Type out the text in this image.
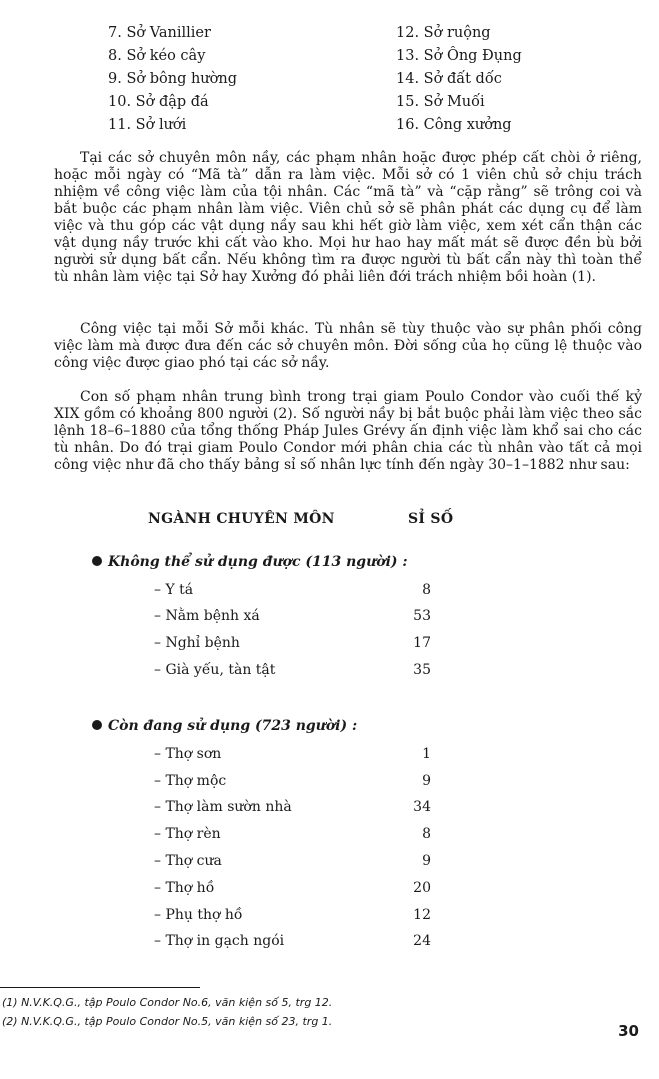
7. Sở Vanillier
8. Sở kéo cây
9. Sở bông hường
10. Sở đập đá
11. Sở lưới
12. Sở ruộng
13. Sở Ông Đụng
14. Sở đất dốc
15. Sở Muối
16. Công xưởng

Tại các sở chuyên môn nầy, các phạm nhân hoặc được phép cất chòi ở riêng, hoặc mỗi ngày có “Mã tà” dẫn ra làm việc. Mỗi sở có 1 viên chủ sở chịu trách nhiệm về công việc làm của tội nhân. Các “mã tà” và “cặp rằng” sẽ trông coi và bắt buộc các phạm nhân làm việc. Viên chủ sở sẽ phân phát các dụng cụ để làm việc và thu góp các vật dụng nầy sau khi hết giờ làm việc, xem xét cẩn thận các vật dụng nầy trước khi cất vào kho. Mọi hư hao hay mất mát sẽ được đền bù bởi người sử dụng bất cẩn. Nếu không tìm ra được người tù bất cẩn này thì toàn thể tù nhân làm việc tại Sở hay Xưởng đó phải liên đới trách nhiệm bồi hoàn (1).

Công việc tại mỗi Sở mỗi khác. Tù nhân sẽ tùy thuộc vào sự phân phối công việc làm mà được đưa đến các sở chuyên môn. Đời sống của họ cũng lệ thuộc vào công việc được giao phó tại các sở nầy.

Con số phạm nhân trung bình trong trại giam Poulo Condor vào cuối thế kỷ XIX gồm có khoảng 800 người (2). Số người nầy bị bắt buộc phải làm việc theo sắc lệnh 18–6–1880 của tổng thống Pháp Jules Grévy ấn định việc làm khổ sai cho các tù nhân. Do đó trại giam Poulo Condor mới phân chia các tù nhân vào tất cả mọi công việc như đã cho thấy bảng sỉ số nhân lực tính đến ngày 30–1–1882 như sau:

NGÀNH CHUYÊN MÔN	SỈ SỐ
Không thể sử dụng được (113 người) :
– Y tá	8
– Nằm bệnh xá	53
– Nghỉ bệnh	17
– Già yếu, tàn tật	35
Còn đang sử dụng (723 người) :
– Thợ sơn	1
– Thợ mộc	9
– Thợ làm sườn nhà	34
– Thợ rèn	8
– Thợ cưa	9
– Thợ hồ	20
– Phụ thợ hồ	12
– Thợ in gạch ngói	24
(1) N.V.K.Q.G., tập Poulo Condor No.6, văn kiện số 5, trg 12.
(2) N.V.K.Q.G., tập Poulo Condor No.5, văn kiện số 23, trg 1.
30
